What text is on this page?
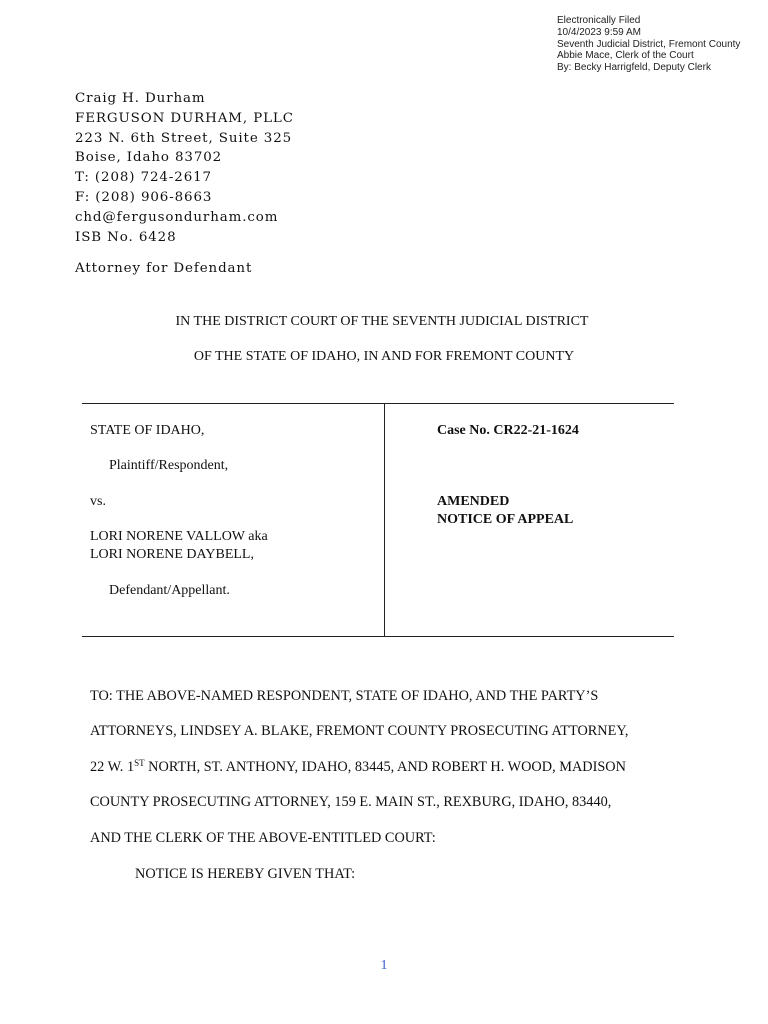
Electronically Filed
10/4/2023 9:59 AM
Seventh Judicial District, Fremont County
Abbie Mace, Clerk of the Court
By: Becky Harrigfeld, Deputy Clerk
Craig H. Durham
FERGUSON DURHAM, PLLC
223 N. 6th Street, Suite 325
Boise, Idaho 83702
T: (208) 724-2617
F: (208) 906-8663
chd@fergusondurham.com
ISB No. 6428
Attorney for Defendant
IN THE DISTRICT COURT OF THE SEVENTH JUDICIAL DISTRICT
OF THE STATE OF IDAHO, IN AND FOR FREMONT COUNTY
STATE OF IDAHO,
Plaintiff/Respondent,
vs.
LORI NORENE VALLOW aka
LORI NORENE DAYBELL,
Defendant/Appellant.
Case No. CR22-21-1624
AMENDED
NOTICE OF APPEAL
TO: THE ABOVE-NAMED RESPONDENT, STATE OF IDAHO, AND THE PARTY’S
ATTORNEYS, LINDSEY A. BLAKE, FREMONT COUNTY PROSECUTING ATTORNEY,
22 W. 1ST NORTH, ST. ANTHONY, IDAHO, 83445, AND ROBERT H. WOOD, MADISON
COUNTY PROSECUTING ATTORNEY, 159 E. MAIN ST., REXBURG, IDAHO, 83440,
AND THE CLERK OF THE ABOVE-ENTITLED COURT:
NOTICE IS HEREBY GIVEN THAT:
1
